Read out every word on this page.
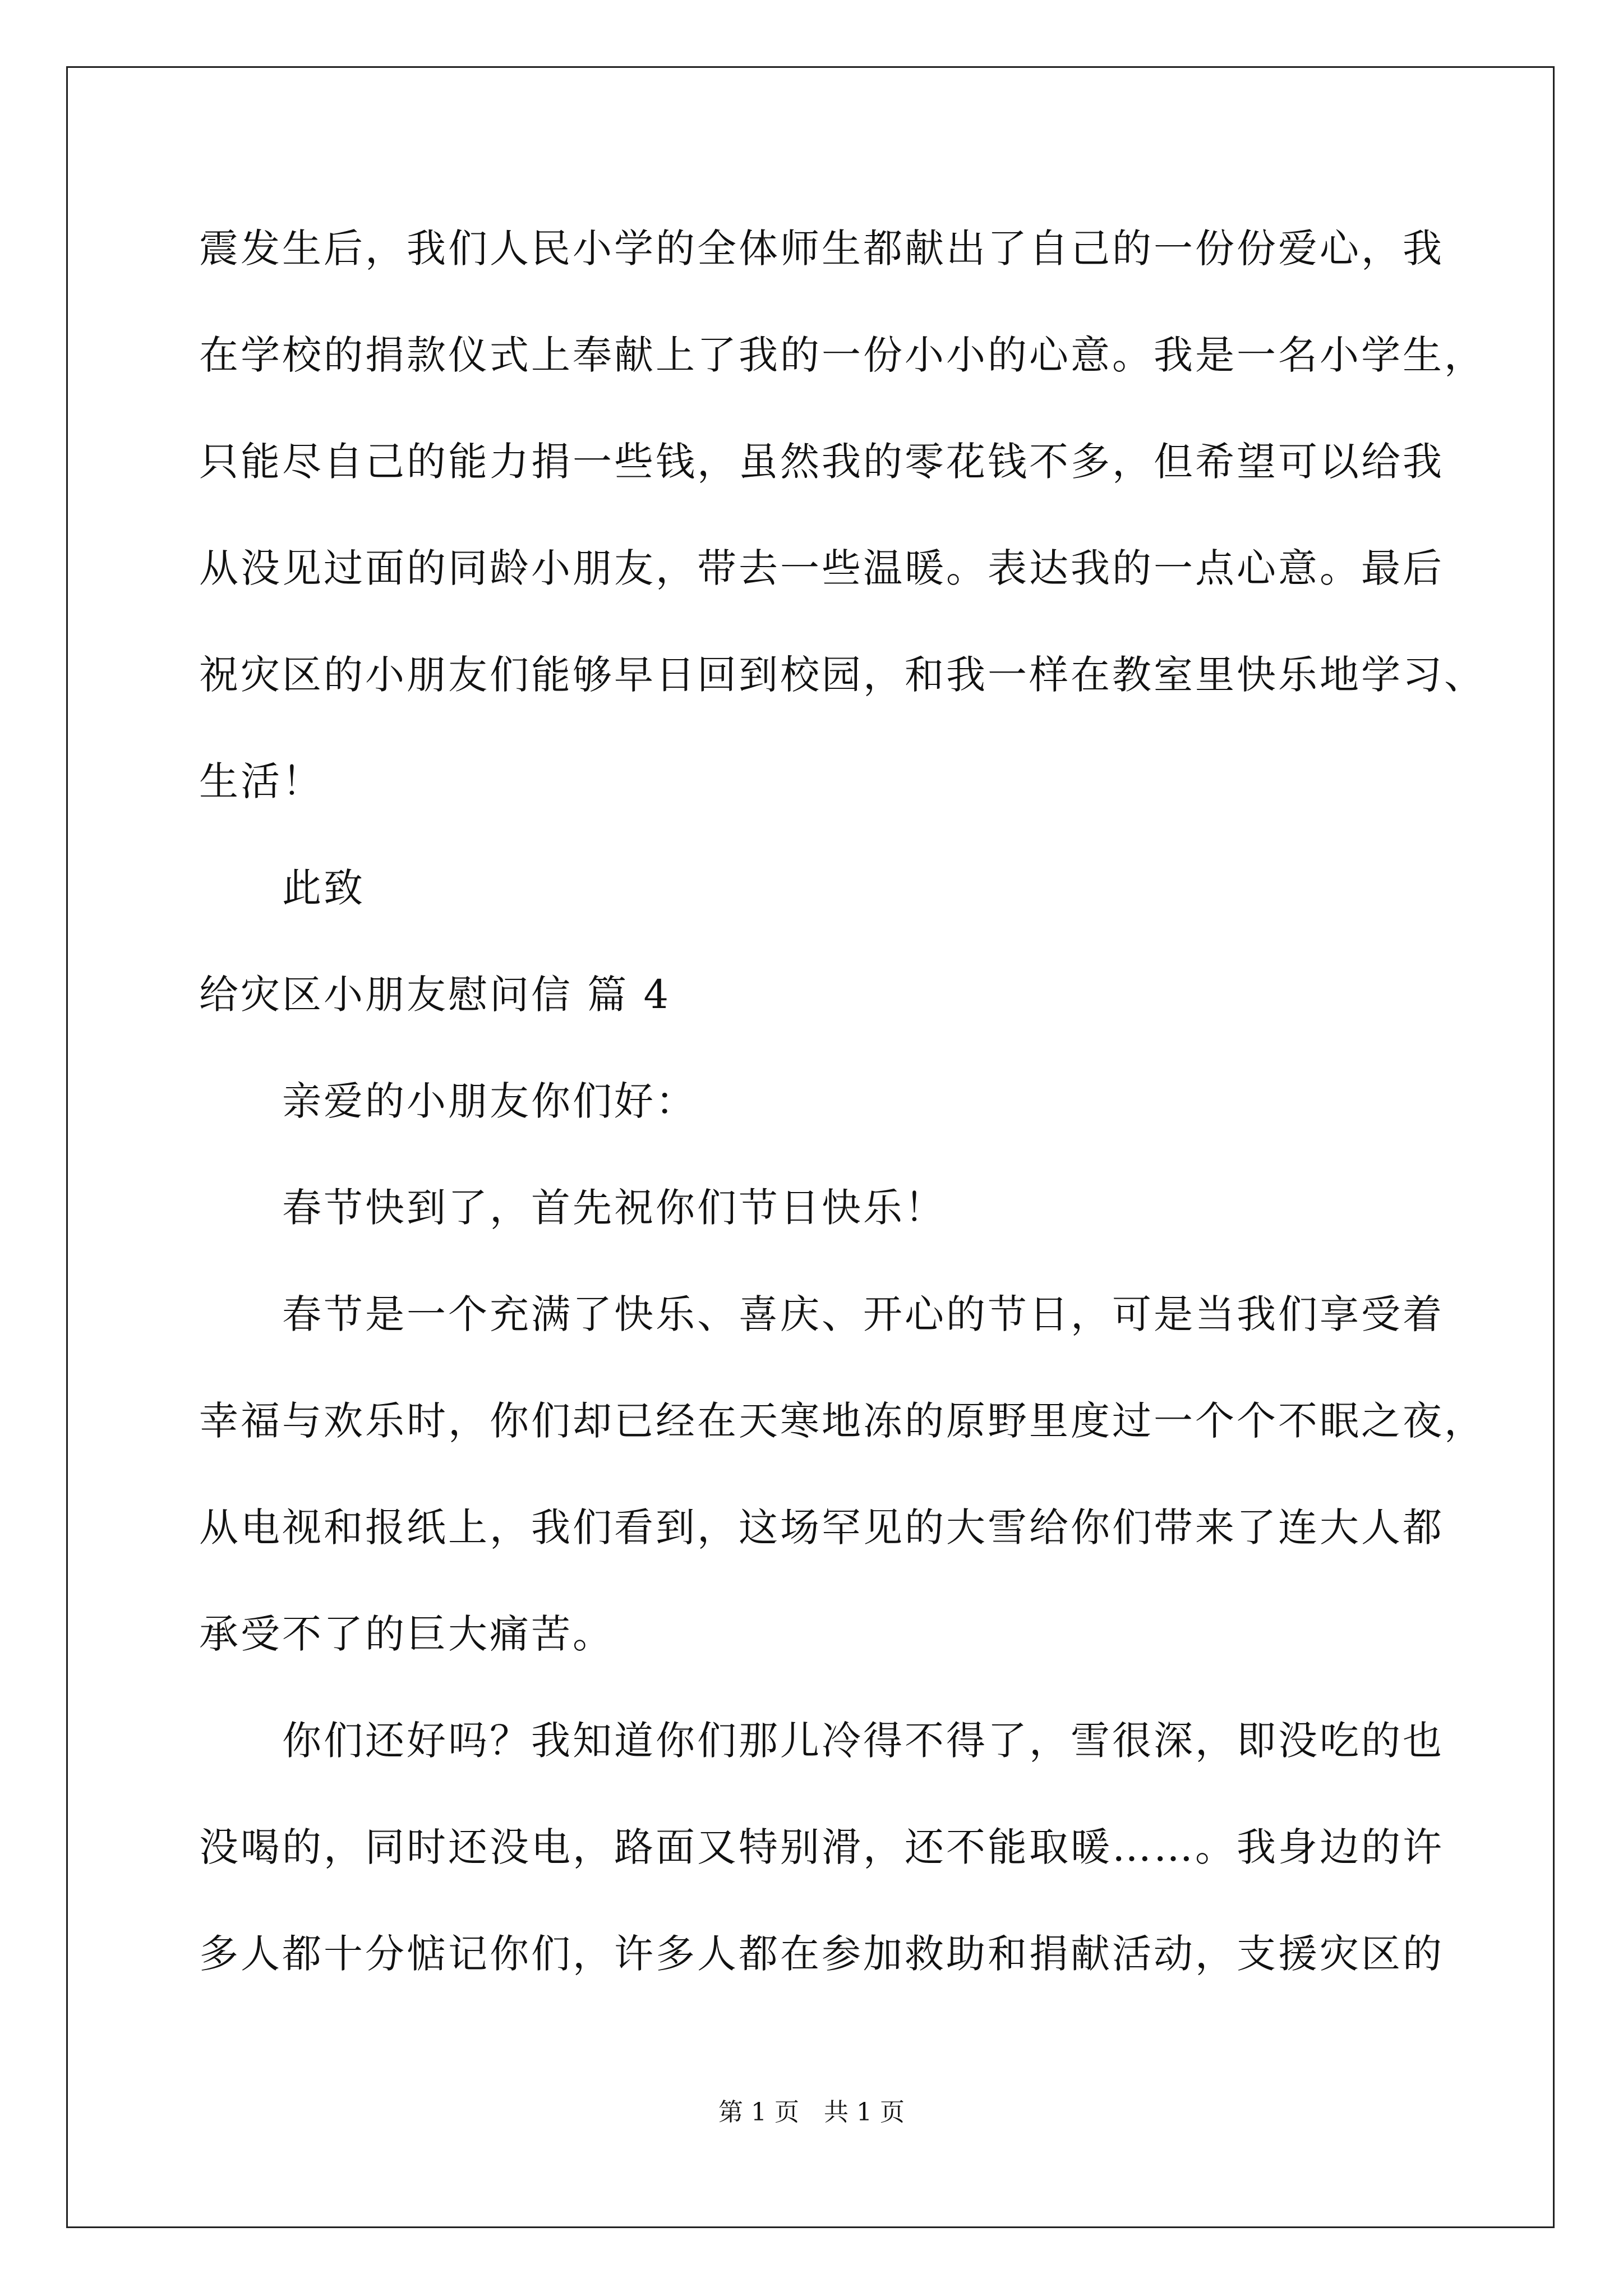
震发生后，我们人民小学的全体师生都献出了自己的一份份爱心，我
在学校的捐款仪式上奉献上了我的一份小小的心意。我是一名小学生，
只能尽自己的能力捐一些钱，虽然我的零花钱不多，但希望可以给我
从没见过面的同龄小朋友，带去一些温暖。表达我的一点心意。最后
祝灾区的小朋友们能够早日回到校园，和我一样在教室里快乐地学习、
生活！
此致
给灾区小朋友慰问信 篇 4
亲爱的小朋友你们好：
春节快到了，首先祝你们节日快乐！
春节是一个充满了快乐、喜庆、开心的节日，可是当我们享受着
幸福与欢乐时，你们却已经在天寒地冻的原野里度过一个个不眠之夜，
从电视和报纸上，我们看到，这场罕见的大雪给你们带来了连大人都
承受不了的巨大痛苦。
你们还好吗？我知道你们那儿冷得不得了，雪很深，即没吃的也
没喝的，同时还没电，路面又特别滑，还不能取暖……。我身边的许
多人都十分惦记你们，许多人都在参加救助和捐献活动，支援灾区的
第 1 页　共 1 页
